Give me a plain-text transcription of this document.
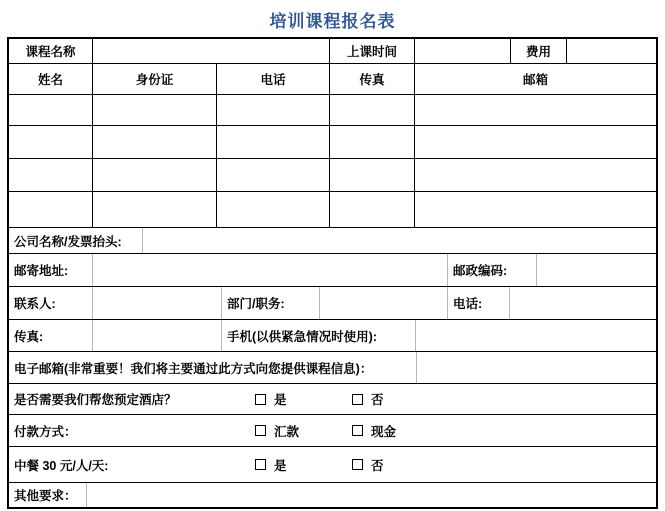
培训课程报名表
课程名称	上课时间	费用
姓名	身份证	电话	传真	邮箱
公司名称/发票抬头:
邮寄地址:	邮政编码:
联系人:	部门/职务:	电话:
传真:	手机(以供紧急情况时使用):
电子邮箱(非常重要！我们将主要通过此方式向您提供课程信息)：
是否需要我们帮您预定酒店？	是	否
付款方式：	汇款	现金
中餐 30 元/人/天:	是	否
其他要求：
